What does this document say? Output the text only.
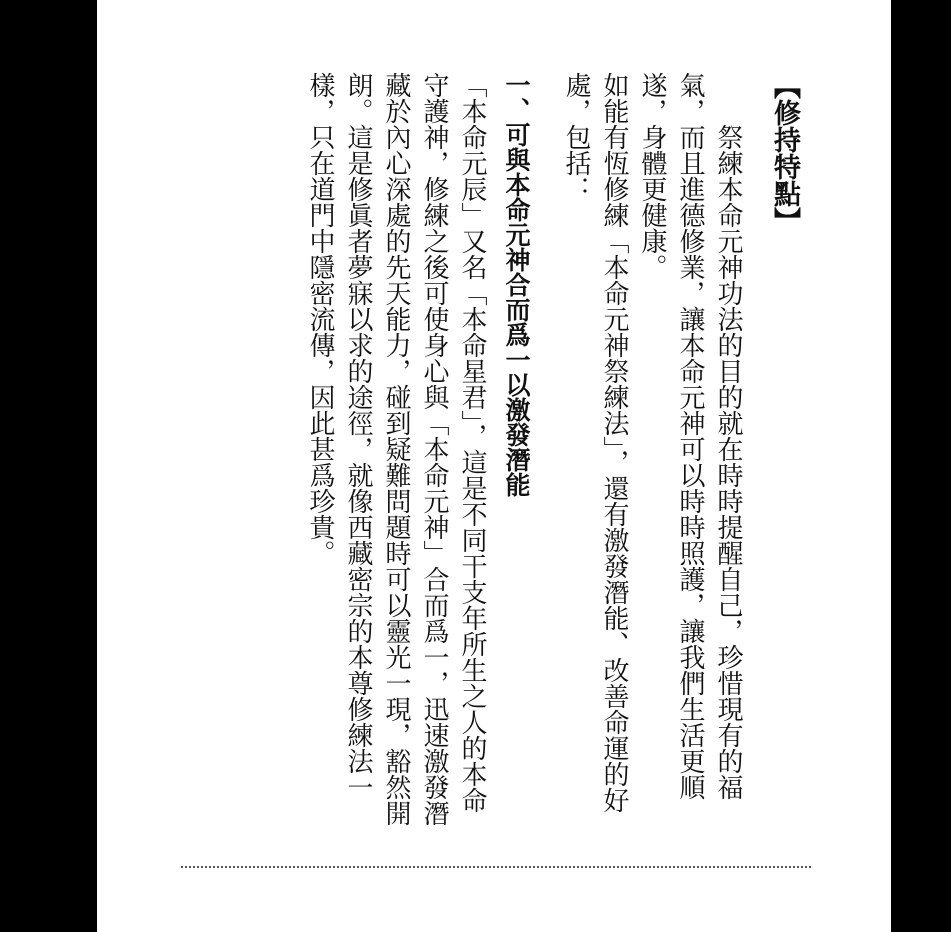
【修持特點】

祭練本命元神功法的目的就在時時提醒自己，珍惜現有的福氣，而且進德修業，讓本命元神可以時時照護，讓我們生活更順遂，身體更健康。

如能有恆修練「本命元神祭練法」，還有激發潛能、改善命運的好處，包括：

一、可與本命元神合而爲一以激發潛能

「本命元辰」又名「本命星君」，這是不同干支年所生之人的本命守護神，修練之後可使身心與「本命元神」合而爲一，迅速激發潛藏於內心深處的先天能力，碰到疑難問題時可以靈光一現，豁然開朗。這是修眞者夢寐以求的途徑，就像西藏密宗的本尊修練法一樣，只在道門中隱密流傳，因此甚爲珍貴。
